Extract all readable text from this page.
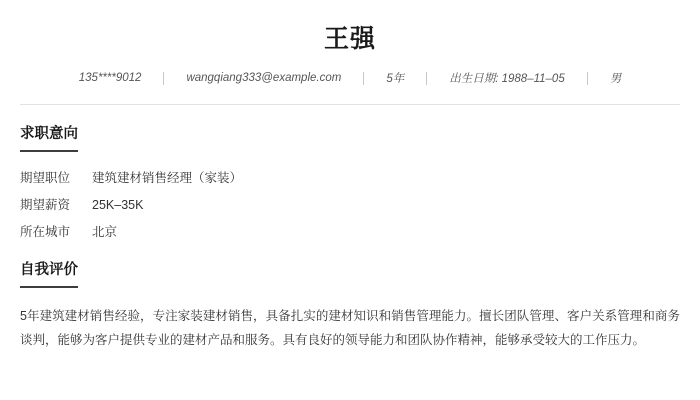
王强
135****9012	wangqiang333@example.com	5年	出生日期: 1988–11–05	男
求职意向
期望职位	建筑建材销售经理（家装）
期望薪资	25K–35K
所在城市	北京
自我评价

5年建筑建材销售经验，专注家装建材销售，具备扎实的建材知识和销售管理能力。擅长团队管理、客户关系管理和商务谈判，能够为客户提供专业的建材产品和服务。具有良好的领导能力和团队协作精神，能够承受较大的工作压力。
